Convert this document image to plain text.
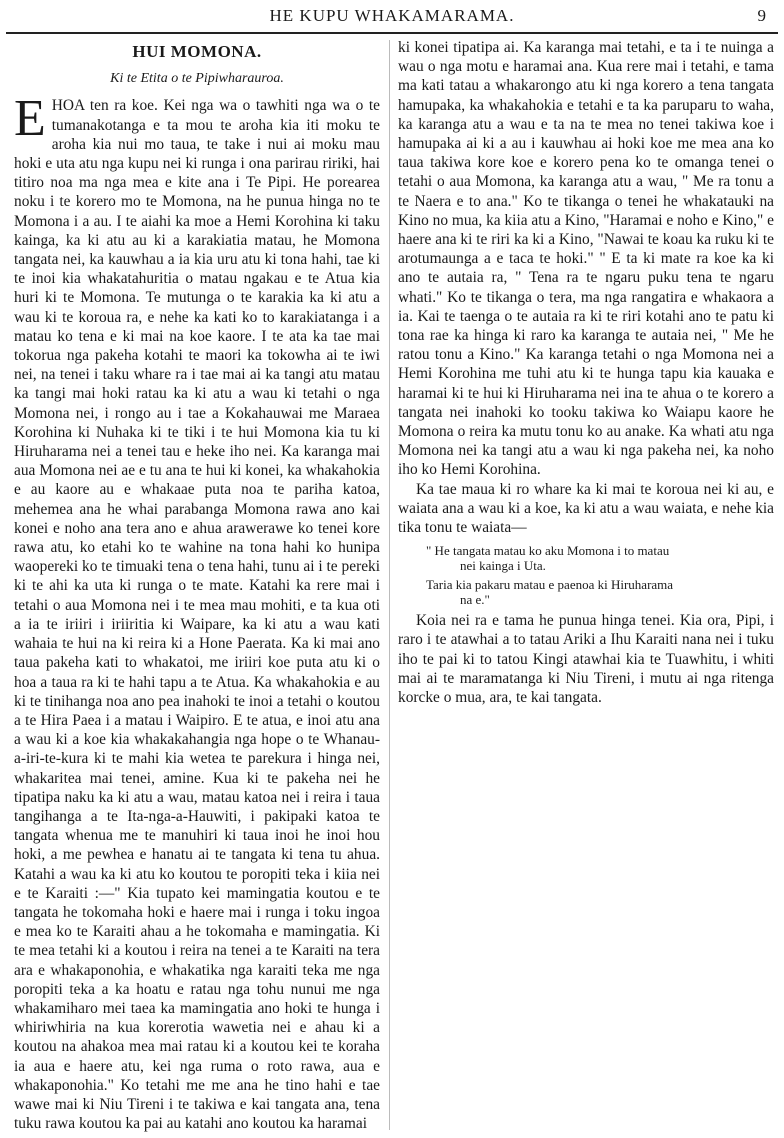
HE KUPU WHAKAMARAMA.	9
HUI MOMONA.
Ki te Etita o te Pipiwharauroa.

E HOA ten ra koe. Kei nga wa o tawhiti nga wa o te tumanakotanga e ta mou te aroha kia iti moku te aroha kia nui mo taua, te take i nui ai moku mau hoki e uta atu nga kupu nei ki runga i ona parirau ririki, hai titiro noa ma nga mea e kite ana i Te Pipi. He porearea noku i te korero mo te Momona, na he punua hinga no te Momona i a au. I te aiahi ka moe a Hemi Korohina ki taku kainga, ka ki atu au ki a karakiatia matau, he Momona tangata nei, ka kauwhau a ia kia uru atu ki tona hahi, tae ki te inoi kia whakatahuritia o matau ngakau e te Atua kia huri ki te Momona. Te mutunga o te karakia ka ki atu a wau ki te koroua ra, e nehe ka kati ko to karakiatanga i a matau ko tena e ki mai na koe kaore. I te ata ka tae mai tokorua nga pakeha kotahi te maori ka tokowha ai te iwi nei, na tenei i taku whare ra i tae mai ai ka tangi atu matau ka tangi mai hoki ratau ka ki atu a wau ki tetahi o nga Momona nei, i rongo au i tae a Kokahauwai me Maraea Korohina ki Nuhaka ki te tiki i te hui Momona kia tu ki Hiruharama nei a tenei tau e heke iho nei. Ka karanga mai aua Momona nei ae e tu ana te hui ki konei, ka whakahokia e au kaore au e whakaae puta noa te pariha katoa, mehemea ana he whai parabanga Momona rawa ano kai konei e noho ana tera ano e ahua arawerawe ko tenei kore rawa atu, ko etahi ko te wahine na tona hahi ko hunipa waopereki ko te timuaki tena o tena hahi, tunu ai i te pereki ki te ahi ka uta ki runga o te mate. Katahi ka rere mai i tetahi o aua Momona nei i te mea mau mohiti, e ta kua oti a ia te iriiri i iriiritia ki Waipare, ka ki atu a wau kati wahaia te hui na ki reira ki a Hone Paerata. Ka ki mai ano taua pakeha kati to whakatoi, me iriiri koe puta atu ki o hoa a taua ra ki te hahi tapu a te Atua. Ka whakahokia e au ki te tinihanga noa ano pea inahoki te inoi a tetahi o koutou a te Hira Paea i a matau i Waipiro. E te atua, e inoi atu ana a wau ki a koe kia whakakahangia nga hope o te Whanau-a-iri-te-kura ki te mahi kia wetea te parekura i hinga nei, whakaritea mai tenei, amine. Kua ki te pakeha nei he tipatipa naku ka ki atu a wau, matau katoa nei i reira i taua tangihanga a te Ita-nga-a-Hauwiti, i pakipaki katoa te tangata whenua me te manuhiri ki taua inoi he inoi hou hoki, a me pewhea e hanatu ai te tangata ki tena tu ahua. Katahi a wau ka ki atu ko koutou te poropiti teka i kiia nei e te Karaiti :—" Kia tupato kei mamingatia koutou e te tangata he tokomaha hoki e haere mai i runga i toku ingoa e mea ko te Karaiti ahau a he tokomaha e mamingatia. Ki te mea tetahi ki a koutou i reira na tenei a te Karaiti na tera ara e whakaponohia, e whakatika nga karaiti teka me nga poropiti teka a ka hoatu e ratau nga tohu nunui me nga whakamiharo mei taea ka mamingatia ano hoki te hunga i whiriwhiria na kua korerotia wawetia nei e ahau ki a koutou na ahakoa mea mai ratau ki a koutou kei te koraha ia aua e haere atu, kei nga ruma o roto rawa, aua e whakaponohia." Ko tetahi me me ana he tino hahi e tae wawe mai ki Niu Tireni i te takiwa e kai tangata ana, tena tuku rawa koutou ka pai au katahi ano koutou ka haramai

ki konei tipatipa ai. Ka karanga mai tetahi, e ta i te nuinga a wau o nga motu e haramai ana. Kua rere mai i tetahi, e tama ma kati tatau a whakarongo atu ki nga korero a tena tangata hamupaka, ka whakahokia e tetahi e ta ka paruparu to waha, ka karanga atu a wau e ta na te mea no tenei takiwa koe i hamupaka ai ki a au i kauwhau ai hoki koe me mea ana ko taua takiwa kore koe e korero pena ko te omanga tenei o tetahi o aua Momona, ka karanga atu a wau, " Me ra tonu a te Naera e to ana." Ko te tikanga o tenei he whakatauki na Kino no mua, ka kiia atu a Kino, "Haramai e noho e Kino," e haere ana ki te riri ka ki a Kino, "Nawai te koau ka ruku ki te arotumaunga a e taca te hoki." " E ta ki mate ra koe ka ki ano te autaia ra, " Tena ra te ngaru puku tena te ngaru whati." Ko te tikanga o tera, ma nga rangatira e whakaora a ia. Kai te taenga o te autaia ra ki te riri kotahi ano te patu ki tona rae ka hinga ki raro ka karanga te autaia nei, " Me he ratou tonu a Kino." Ka karanga tetahi o nga Momona nei a Hemi Korohina me tuhi atu ki te hunga tapu kia kauaka e haramai ki te hui ki Hiruharama nei ina te ahua o te korero a tangata nei inahoki ko tooku takiwa ko Waiapu kaore he Momona o reira ka mutu tonu ko au anake. Ka whati atu nga Momona nei ka tangi atu a wau ki nga pakeha nei, ka noho iho ko Hemi Korohina.

Ka tae maua ki ro whare ka ki mai te koroua nei ki au, e waiata ana a wau ki a koe, ka ki atu a wau waiata, e nehe kia tika tonu te waiata—

" He tangata matau ko aku Momona i to matau
nei kainga i Uta.

Taria kia pakaru matau e paenoa ki Hiruharama
na e."

Koia nei ra e tama he punua hinga tenei. Kia ora, Pipi, i raro i te atawhai a to tatau Ariki a Ihu Karaiti nana nei i tuku iho te pai ki to tatou Kingi atawhai kia te Tuawhitu, i whiti mai ai te maramatanga ki Niu Tireni, i mutu ai nga ritenga korcke o mua, ara, te kai tangata.
